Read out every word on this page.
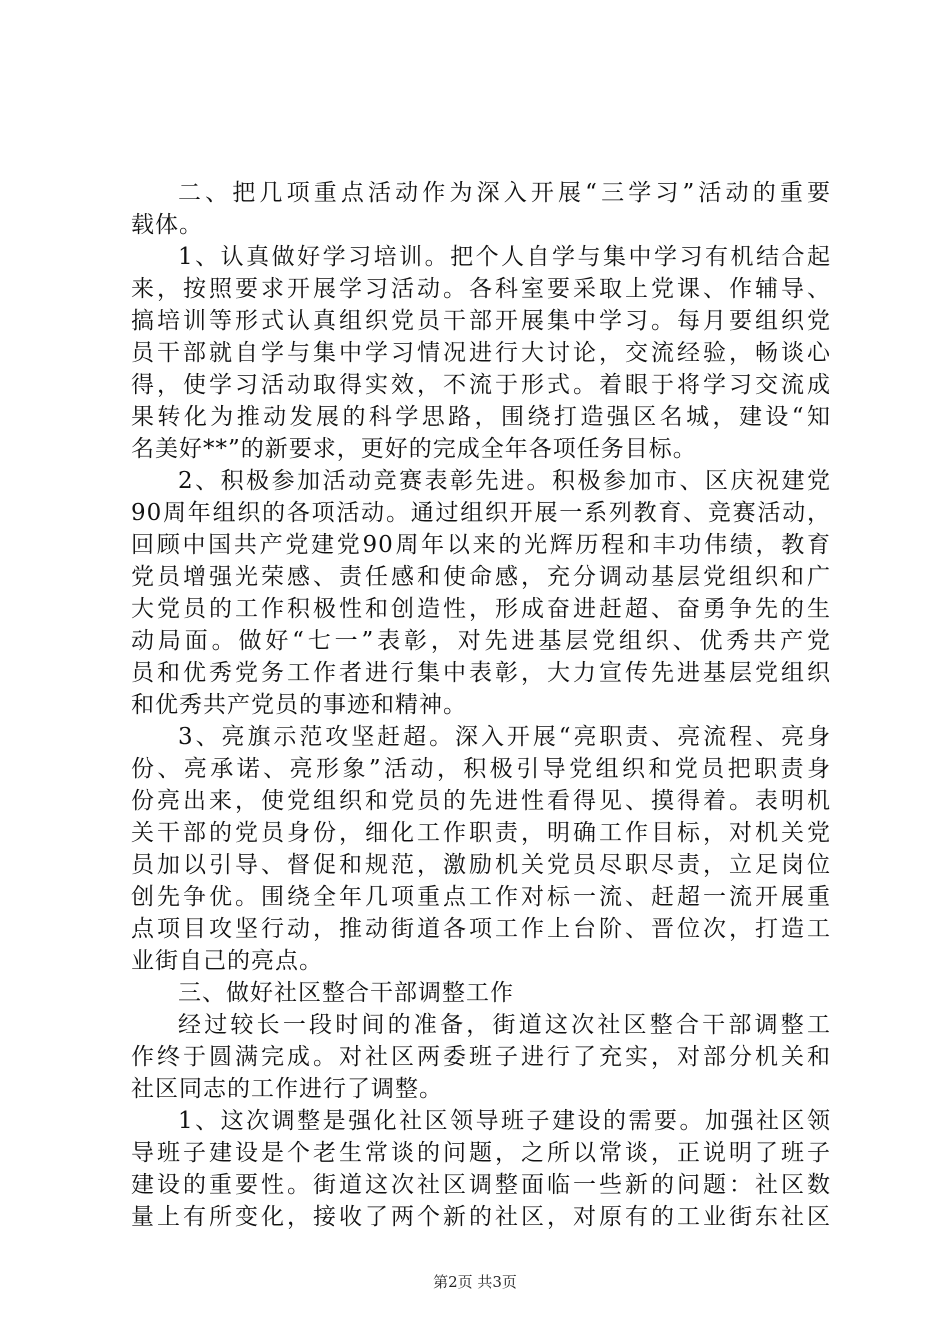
二、把几项重点活动作为深入开展“三学习”活动的重要
载体。
1、认真做好学习培训。把个人自学与集中学习有机结合起
来，按照要求开展学习活动。各科室要采取上党课、作辅导、
搞培训等形式认真组织党员干部开展集中学习。每月要组织党
员干部就自学与集中学习情况进行大讨论，交流经验，畅谈心
得，使学习活动取得实效，不流于形式。着眼于将学习交流成
果转化为推动发展的科学思路，围绕打造强区名城，建设“知
名美好**”的新要求，更好的完成全年各项任务目标。
2、积极参加活动竞赛表彰先进。积极参加市、区庆祝建党
90周年组织的各项活动。通过组织开展一系列教育、竞赛活动，
回顾中国共产党建党90周年以来的光辉历程和丰功伟绩，教育
党员增强光荣感、责任感和使命感，充分调动基层党组织和广
大党员的工作积极性和创造性，形成奋进赶超、奋勇争先的生
动局面。做好“七一”表彰，对先进基层党组织、优秀共产党
员和优秀党务工作者进行集中表彰，大力宣传先进基层党组织
和优秀共产党员的事迹和精神。
3、亮旗示范攻坚赶超。深入开展“亮职责、亮流程、亮身
份、亮承诺、亮形象”活动，积极引导党组织和党员把职责身
份亮出来，使党组织和党员的先进性看得见、摸得着。表明机
关干部的党员身份，细化工作职责，明确工作目标，对机关党
员加以引导、督促和规范，激励机关党员尽职尽责，立足岗位
创先争优。围绕全年几项重点工作对标一流、赶超一流开展重
点项目攻坚行动，推动街道各项工作上台阶、晋位次，打造工
业街自己的亮点。
三、做好社区整合干部调整工作
经过较长一段时间的准备，街道这次社区整合干部调整工
作终于圆满完成。对社区两委班子进行了充实，对部分机关和
社区同志的工作进行了调整。
1、这次调整是强化社区领导班子建设的需要。加强社区领
导班子建设是个老生常谈的问题，之所以常谈，正说明了班子
建设的重要性。街道这次社区调整面临一些新的问题：社区数
量上有所变化，接收了两个新的社区，对原有的工业街东社区
第2页 共3页
